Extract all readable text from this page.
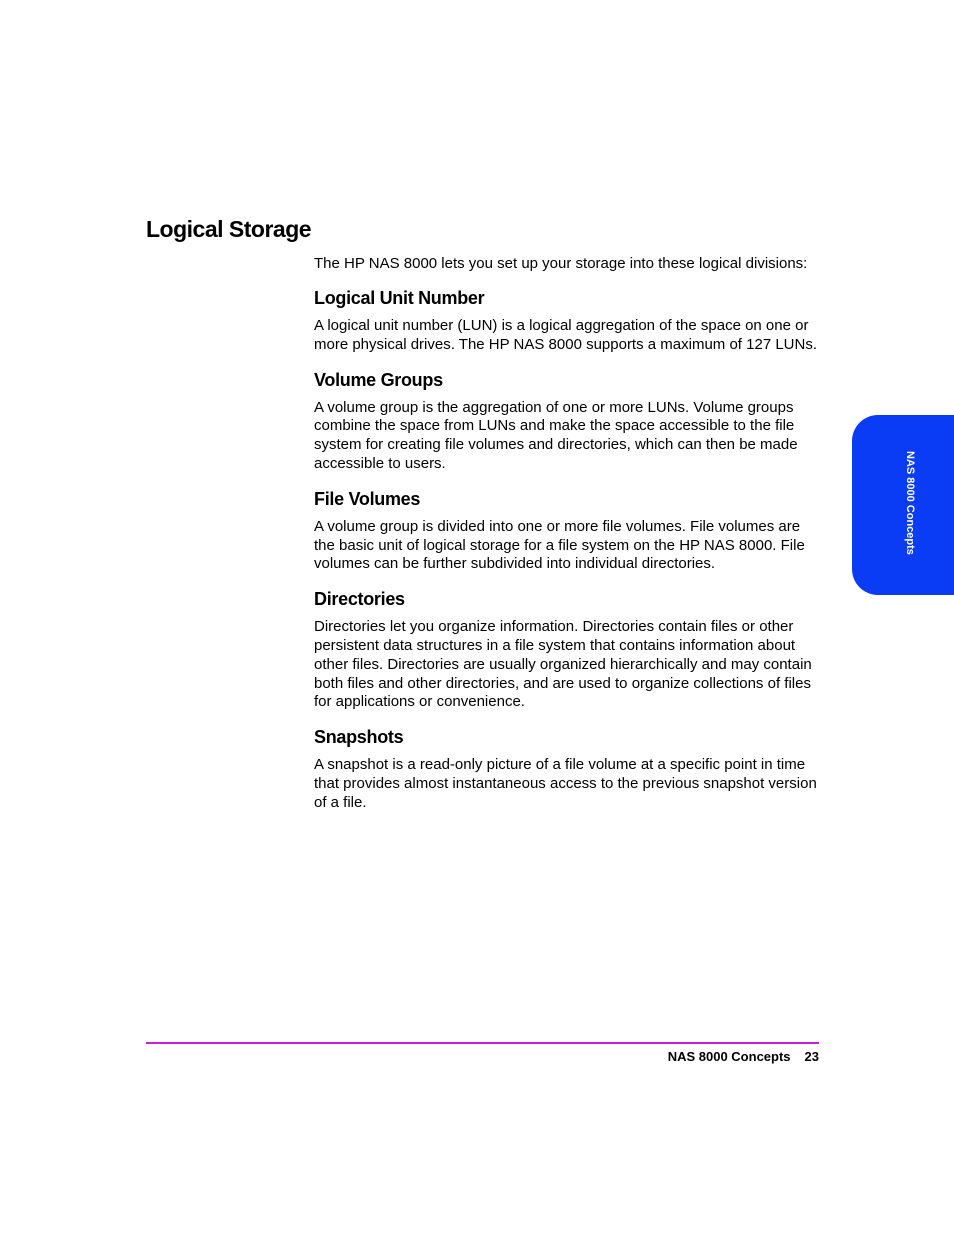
Logical Storage

The HP NAS 8000 lets you set up your storage into these logical divisions:

Logical Unit Number

A logical unit number (LUN) is a logical aggregation of the space on one or more physical drives. The HP NAS 8000 supports a maximum of 127 LUNs.

Volume Groups

A volume group is the aggregation of one or more LUNs. Volume groups combine the space from LUNs and make the space accessible to the file system for creating file volumes and directories, which can then be made accessible to users.

File Volumes

A volume group is divided into one or more file volumes. File volumes are the basic unit of logical storage for a file system on the HP NAS 8000. File volumes can be further subdivided into individual directories.

Directories

Directories let you organize information. Directories contain files or other persistent data structures in a file system that contains information about other files. Directories are usually organized hierarchically and may contain both files and other directories, and are used to organize collections of files for applications or convenience.

Snapshots

A snapshot is a read-only picture of a file volume at a specific point in time that provides almost instantaneous access to the previous snapshot version of a file.

NAS 8000 Concepts
NAS 8000 Concepts 23
